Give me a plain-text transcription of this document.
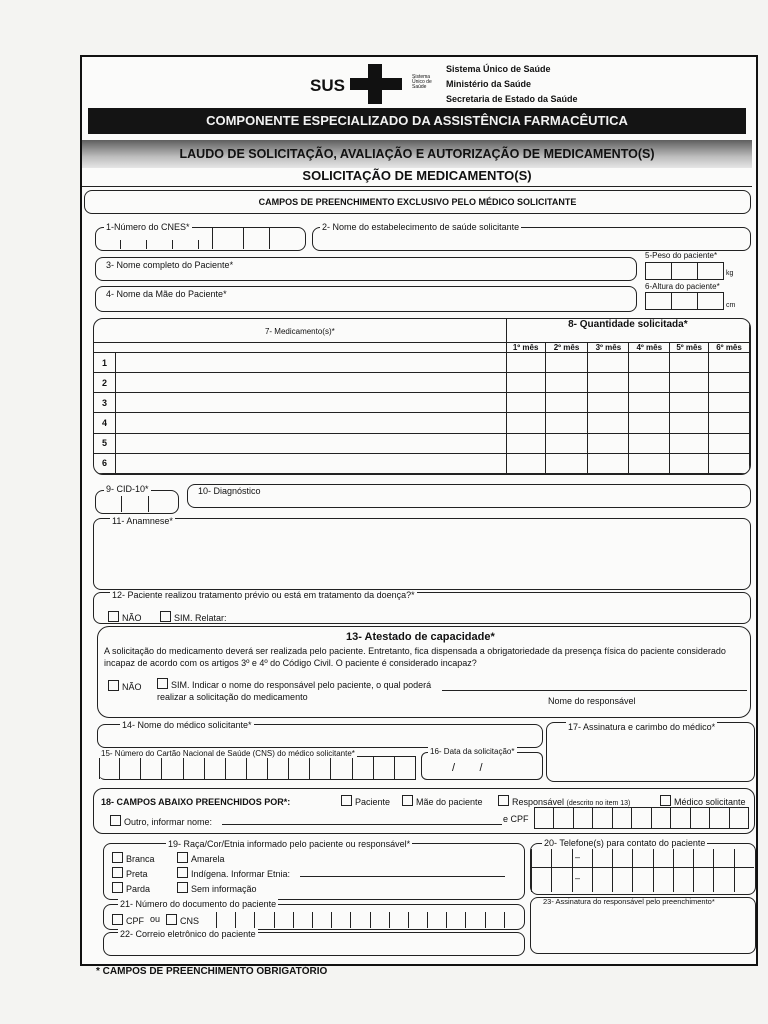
SUS	Sistema Único de Saúde
Sistema Único de Saúde
Ministério da Saúde
Secretaria de Estado da Saúde
COMPONENTE ESPECIALIZADO DA ASSISTÊNCIA FARMACÊUTICA
LAUDO DE SOLICITAÇÃO, AVALIAÇÃO E AUTORIZAÇÃO DE MEDICAMENTO(S)
SOLICITAÇÃO DE MEDICAMENTO(S)
CAMPOS DE PREENCHIMENTO EXCLUSIVO PELO MÉDICO SOLICITANTE
1-Número do CNES*	2- Nome do estabelecimento de saúde solicitante
3- Nome completo do Paciente*
4- Nome da Mãe do Paciente*
5-Peso do paciente*
kg
6-Altura do paciente*
cm
7- Medicamento(s)*		8- Quantidade solicitada*					

		1º mês	2º mês	3º mês	4º mês	5º mês	6º mês
1							
2							
3							
4							
5							
6							
9- CID-10*	10- Diagnóstico
11- Anamnese*
12- Paciente realizou tratamento prévio ou está em tratamento da doença?*
NÃO	SIM. Relatar:
13- Atestado de capacidade*
A solicitação do medicamento deverá ser realizada pelo paciente. Entretanto, fica dispensada a obrigatoriedade da presença física do paciente considerado incapaz de acordo com os artigos 3º e 4º do Código Civil. O paciente é considerado incapaz?
NÃO	SIM. Indicar o nome do responsável pelo paciente, o qual poderá realizar a solicitação do medicamento	Nome do responsável
14- Nome do médico solicitante*
15- Número do Cartão Nacional de Saúde (CNS) do médico solicitante*	16- Data da solicitação*
/        /
17- Assinatura e carimbo do médico*
18- CAMPOS ABAIXO PREENCHIDOS POR*:	Paciente	Mãe do paciente	Responsável (descrito no item 13)	Médico solicitante
Outro, informar nome:	e CPF
19- Raça/Cor/Etnia informado pelo paciente ou responsável*
Branca
Preta
Parda
Amarela
Indígena. Informar Etnia:
Sem informação
20- Telefone(s) para contato do paciente
–
–
21- Número do documento do paciente
CPF ou	CNS
22- Correio eletrônico do paciente
23- Assinatura do responsável pelo preenchimento*
* CAMPOS DE PREENCHIMENTO OBRIGATÓRIO
